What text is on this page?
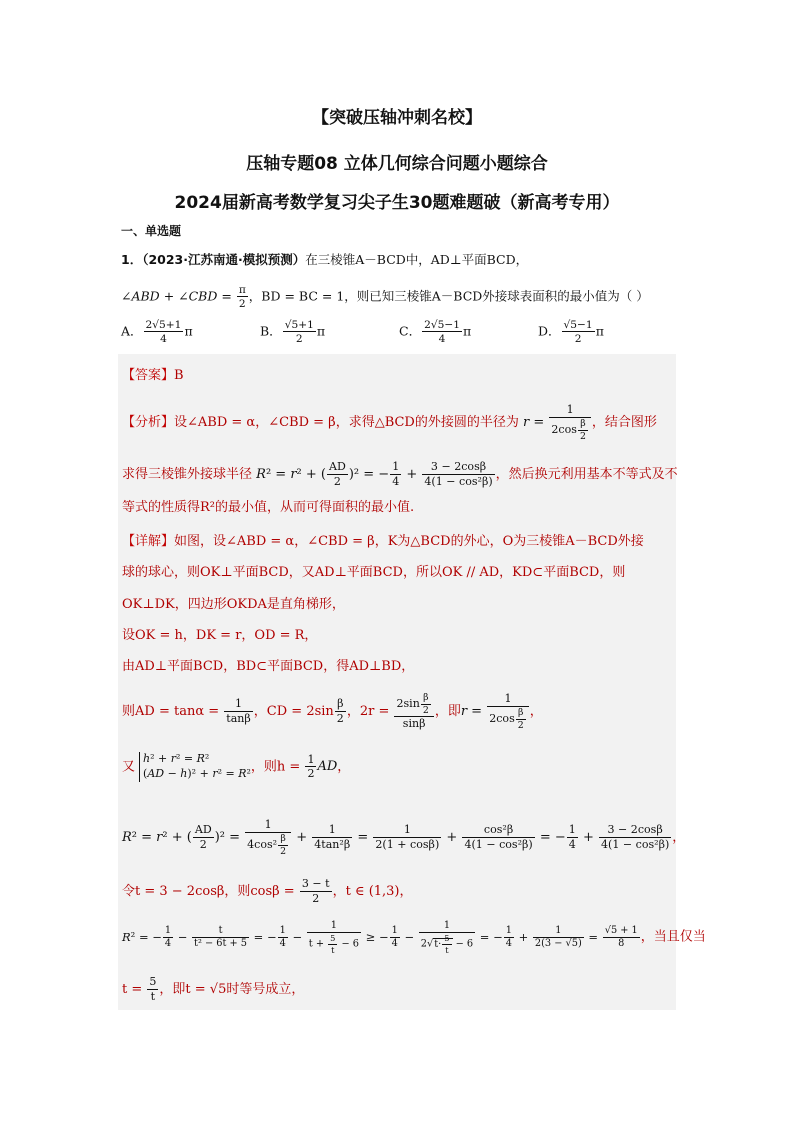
【突破压轴冲刺名校】
压轴专题08 立体几何综合问题小题综合
2024届新高考数学复习尖子生30题难题破（新高考专用）
一、单选题
1．（2023·江苏南通·模拟预测）在三棱锥A－BCD中，AD⊥平面BCD，
∠ABD + ∠CBD = $\frac{\pi}{2}$ ，BD = BC = 1，则已知三棱锥A－BCD外接球表面积的最小值为（ ）
A． $\frac{2√5+1}{4}$ π	B． $\frac{√5+1}{2}$ π	C． $\frac{2√5-1}{4}$ π	D． $\frac{√5-1}{2}$ π
【答案】B
【分析】设∠ABD = α，∠CBD = β，求得△BCD的外接圆的半径为 $r = \frac{1}{2\cos \frac{\beta}{2}}$ ，结合图形
求得三棱锥外接球半径 R² = r² + ( $\frac{AD}{2} )^2$ = − $\frac{1}{4} + \frac{3 - 2\cos\beta}{\text{4(1 − cos²β)}}$ ，然后换元利用基本不等式及不
等式的性质得R²的最小值，从而可得面积的最小值.
【详解】如图，设∠ABD = α，∠CBD = β，K为△BCD的外心，O为三棱锥A－BCD外接
球的球心，则OK⊥平面BCD，又AD⊥平面BCD，所以OK // AD，KD⊂平面BCD，则
OK⊥DK，四边形OKDA是直角梯形，
设OK = h，DK = r，OD = R，
由AD⊥平面BCD，BD⊂平面BCD，得AD⊥BD，
则AD = $\tan\alpha = \frac{1}{\tan\beta}$ ，CD = $2\sin \frac{\beta}{2}$ ，$2r = \frac{2\sin \frac{\beta}{2}}{\sin\beta}$ ，即$r = \frac{1}{2\cos \frac{\beta}{2}}$ ，
又
h² + r² = R²
(AD − h)² + r² = R² ，则$h = \frac{1}{2}$ AD，
R² = r² + ( $\frac{AD}{2} )^2 = \frac{1}{4\cos^2 \frac{\beta}{2}} + \frac{1}{\text{4tan²β}} = \frac{1}{2(1 + \cos\beta)} + \frac{\text{cos²β}}{\text{4(1 − cos²β)}}$ = − $\frac{1}{4} + \frac{3 - 2\cos\beta}{\text{4(1 − cos²β)}}$ ，
令t = 3 − 2cosβ，则$\cos\beta = \frac{3 - t}{2}$ ，t ∈ (1,3)，
R² = − $\frac{1}{4} - \frac{t}{\text{t² − 6t + 5}}$ = − $\frac{1}{4} - \frac{1}{t + \frac{5}{t} - 6}$ ≥ − $\frac{1}{4} - \frac{1}{2√t\cdot \frac{5}{t} - 6}$ = − $\frac{1}{4} + \frac{1}{2(3 - √5)} = \frac{√5 + 1}{8}$ ，当且仅当
$t = \frac{5}{t}$ ，即t = √5时等号成立，
